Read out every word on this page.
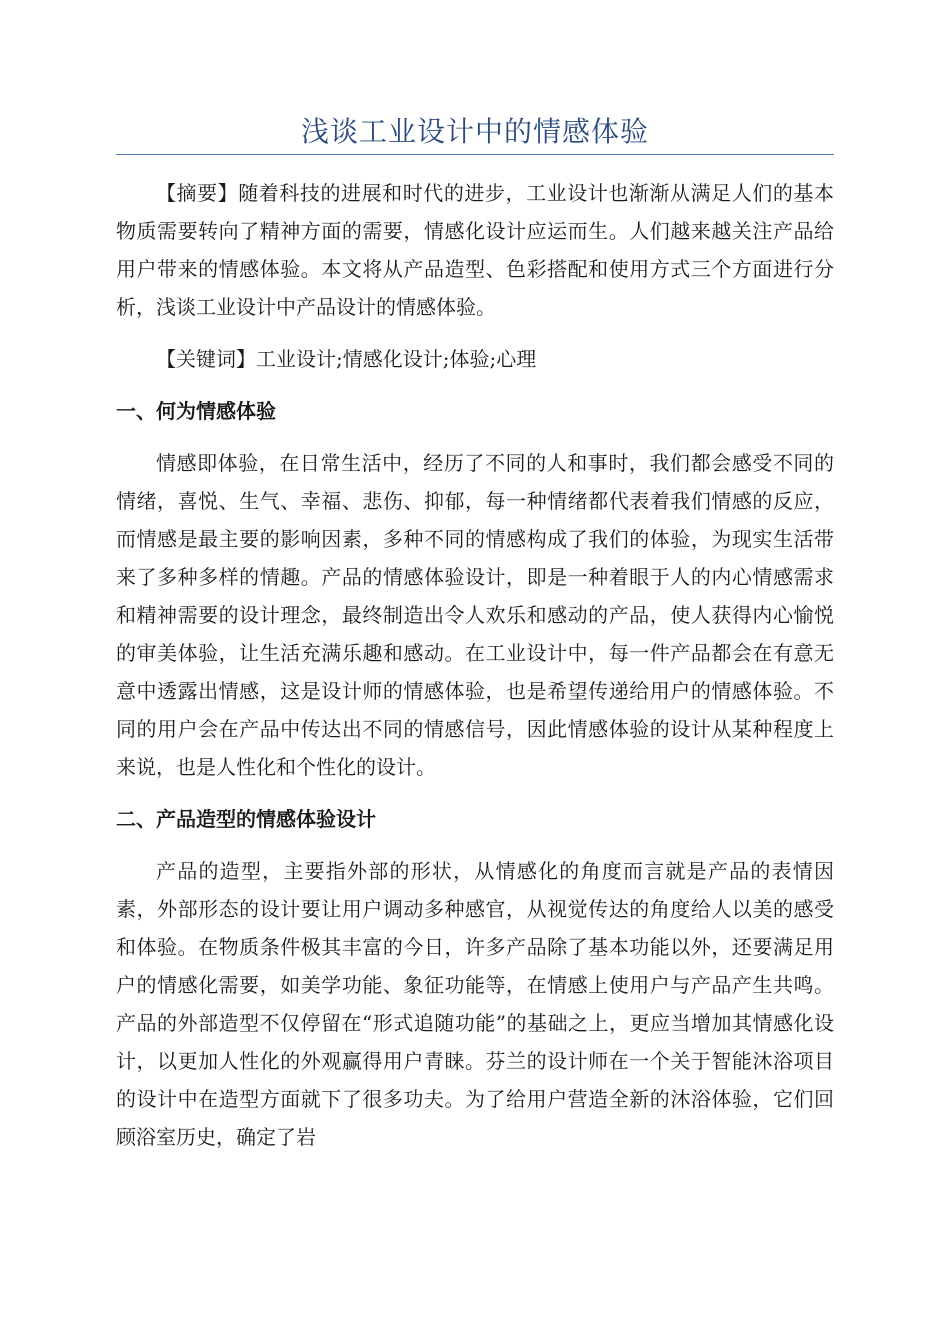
浅谈工业设计中的情感体验

【摘要】随着科技的进展和时代的进步，工业设计也渐渐从满足人们的基本物质需要转向了精神方面的需要，情感化设计应运而生。人们越来越关注产品给用户带来的情感体验。本文将从产品造型、色彩搭配和使用方式三个方面进行分析，浅谈工业设计中产品设计的情感体验。

【关键词】工业设计;情感化设计;体验;心理

一、何为情感体验

情感即体验，在日常生活中，经历了不同的人和事时，我们都会感受不同的情绪，喜悦、生气、幸福、悲伤、抑郁，每一种情绪都代表着我们情感的反应，而情感是最主要的影响因素，多种不同的情感构成了我们的体验，为现实生活带来了多种多样的情趣。产品的情感体验设计，即是一种着眼于人的内心情感需求和精神需要的设计理念，最终制造出令人欢乐和感动的产品，使人获得内心愉悦的审美体验，让生活充满乐趣和感动。在工业设计中，每一件产品都会在有意无意中透露出情感，这是设计师的情感体验，也是希望传递给用户的情感体验。不同的用户会在产品中传达出不同的情感信号，因此情感体验的设计从某种程度上来说，也是人性化和个性化的设计。

二、产品造型的情感体验设计

产品的造型，主要指外部的形状，从情感化的角度而言就是产品的表情因素，外部形态的设计要让用户调动多种感官，从视觉传达的角度给人以美的感受和体验。在物质条件极其丰富的今日，许多产品除了基本功能以外，还要满足用户的情感化需要，如美学功能、象征功能等，在情感上使用户与产品产生共鸣。产品的外部造型不仅停留在“形式追随功能”的基础之上，更应当增加其情感化设计，以更加人性化的外观赢得用户青睐。芬兰的设计师在一个关于智能沐浴项目的设计中在造型方面就下了很多功夫。为了给用户营造全新的沐浴体验，它们回顾浴室历史，确定了岩
